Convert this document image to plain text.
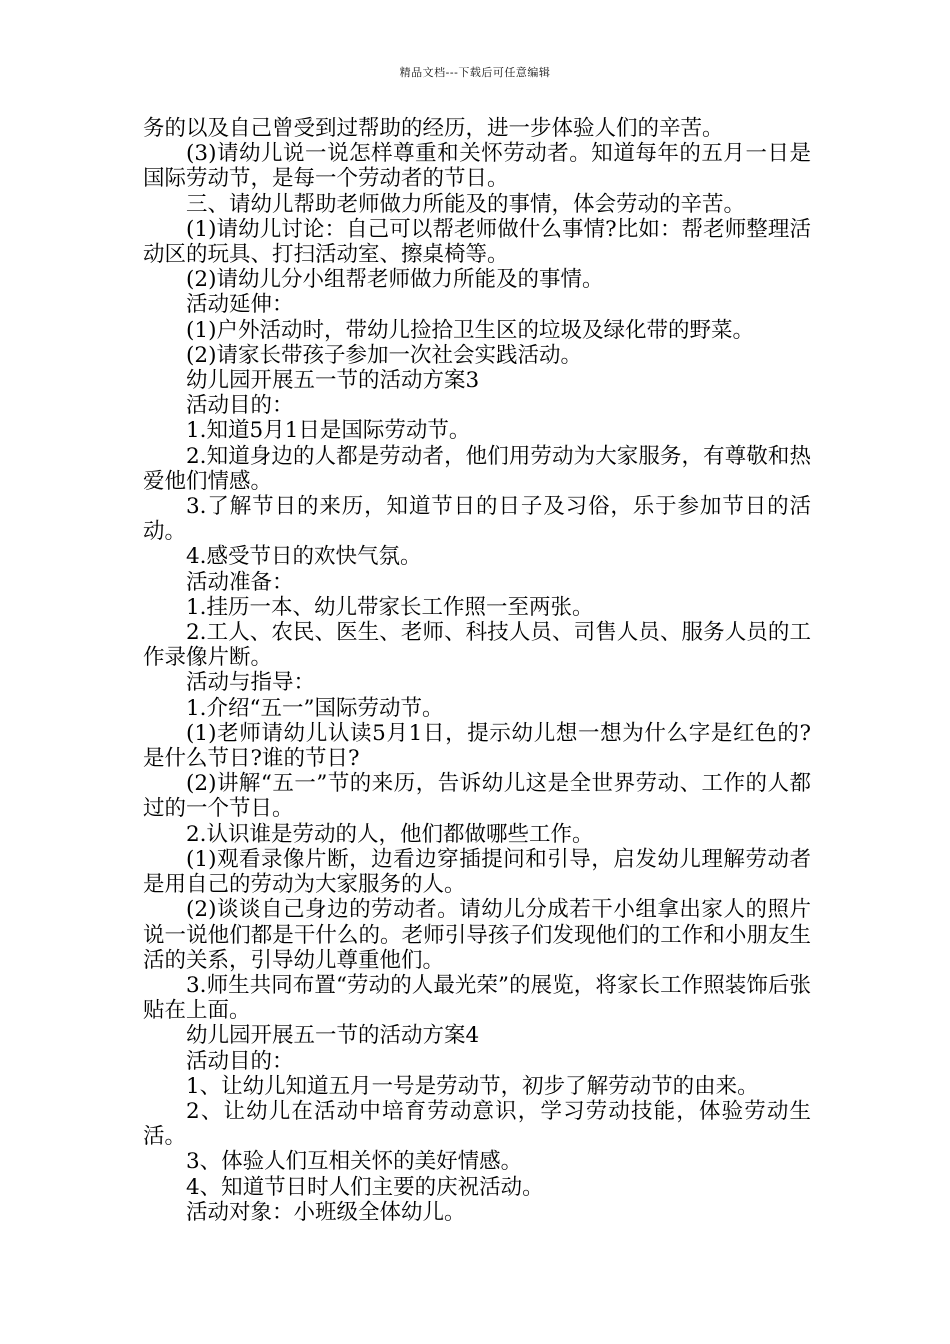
精品文档---下载后可任意编辑

务的以及自己曾受到过帮助的经历，进一步体验人们的辛苦。

(3)请幼儿说一说怎样尊重和关怀劳动者。知道每年的五月一日是国际劳动节，是每一个劳动者的节日。

三、请幼儿帮助老师做力所能及的事情，体会劳动的辛苦。

(1)请幼儿讨论：自己可以帮老师做什么事情?比如：帮老师整理活动区的玩具、打扫活动室、擦桌椅等。

(2)请幼儿分小组帮老师做力所能及的事情。

活动延伸：

(1)户外活动时，带幼儿捡拾卫生区的垃圾及绿化带的野菜。

(2)请家长带孩子参加一次社会实践活动。

幼儿园开展五一节的活动方案3

活动目的：

1.知道5月1日是国际劳动节。

2.知道身边的人都是劳动者，他们用劳动为大家服务，有尊敬和热爱他们情感。

3.了解节日的来历，知道节日的日子及习俗，乐于参加节日的活动。

4.感受节日的欢快气氛。

活动准备：

1.挂历一本、幼儿带家长工作照一至两张。

2.工人、农民、医生、老师、科技人员、司售人员、服务人员的工作录像片断。

活动与指导：

1.介绍“五一”国际劳动节。

(1)老师请幼儿认读5月1日，提示幼儿想一想为什么字是红色的?是什么节日?谁的节日?

(2)讲解“五一”节的来历，告诉幼儿这是全世界劳动、工作的人都过的一个节日。

2.认识谁是劳动的人，他们都做哪些工作。

(1)观看录像片断，边看边穿插提问和引导，启发幼儿理解劳动者是用自己的劳动为大家服务的人。

(2)谈谈自己身边的劳动者。请幼儿分成若干小组拿出家人的照片说一说他们都是干什么的。老师引导孩子们发现他们的工作和小朋友生活的关系，引导幼儿尊重他们。

3.师生共同布置“劳动的人最光荣”的展览，将家长工作照装饰后张贴在上面。

幼儿园开展五一节的活动方案4

活动目的：

1、让幼儿知道五月一号是劳动节，初步了解劳动节的由来。

2、让幼儿在活动中培育劳动意识，学习劳动技能，体验劳动生活。

3、体验人们互相关怀的美好情感。

4、知道节日时人们主要的庆祝活动。

活动对象：小班级全体幼儿。
